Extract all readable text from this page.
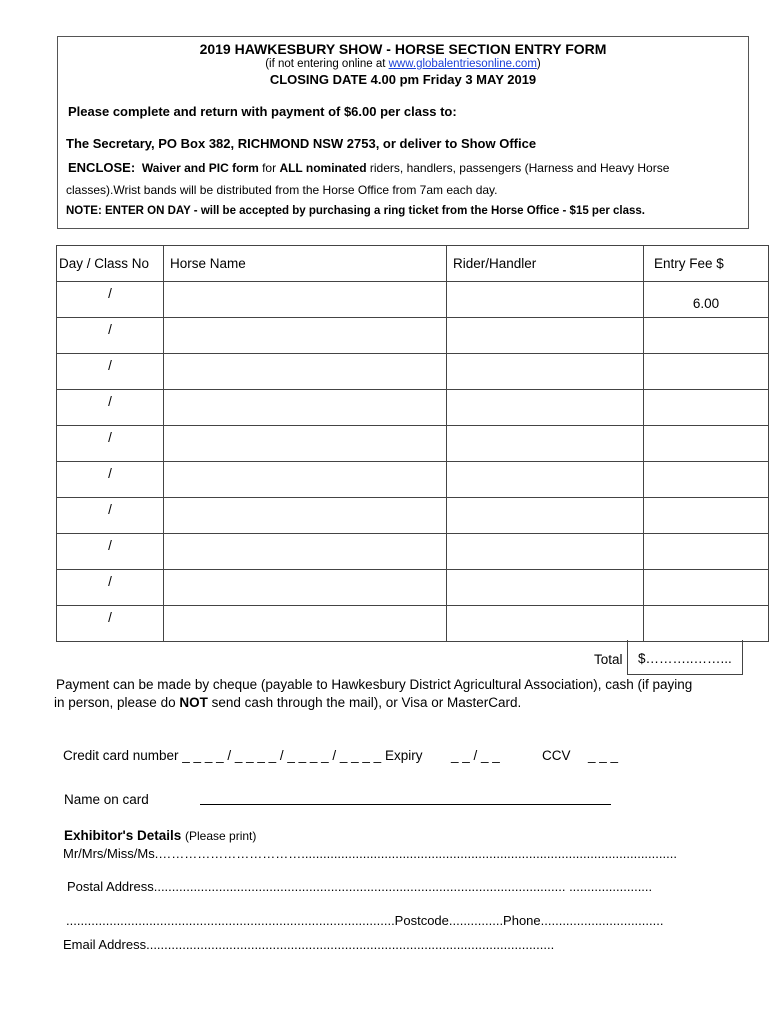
2019 HAWKESBURY SHOW - HORSE SECTION ENTRY FORM
(if not entering online at www.globalentriesonline.com)
CLOSING DATE 4.00 pm Friday 3 MAY 2019
Please complete and return with payment of $6.00 per class to:
The Secretary, PO Box 382, RICHMOND NSW 2753, or deliver to Show Office
ENCLOSE: Waiver and PIC form for ALL nominated riders, handlers, passengers (Harness and Heavy Horse
classes).Wrist bands will be distributed from the Horse Office from 7am each day.
NOTE: ENTER ON DAY - will be accepted by purchasing a ring ticket from the Horse Office - $15 per class.
Day / Class No	Horse Name	Rider/Handler	Entry Fee $

/			6.00

/			

/			

/			

/			

/			

/			

/			

/			

/			

Total $………..……...
Payment can be made by cheque (payable to Hawkesbury District Agricultural Association), cash (if paying
in person, please do NOT send cash through the mail), or Visa or MasterCard.
Credit card number _ _ _ _ / _ _ _ _ / _ _ _ _ / _ _ _ _ Expiry _ _ / _ _	CCV _ _ _
Name on card
Exhibitor's Details (Please print)
Mr/Mrs/Miss/Ms.……………………………........................................................................................................
Postal Address.................................................................................................................. .......................
...........................................................................................Postcode...............Phone..................................
Email Address.................................................................................................................
